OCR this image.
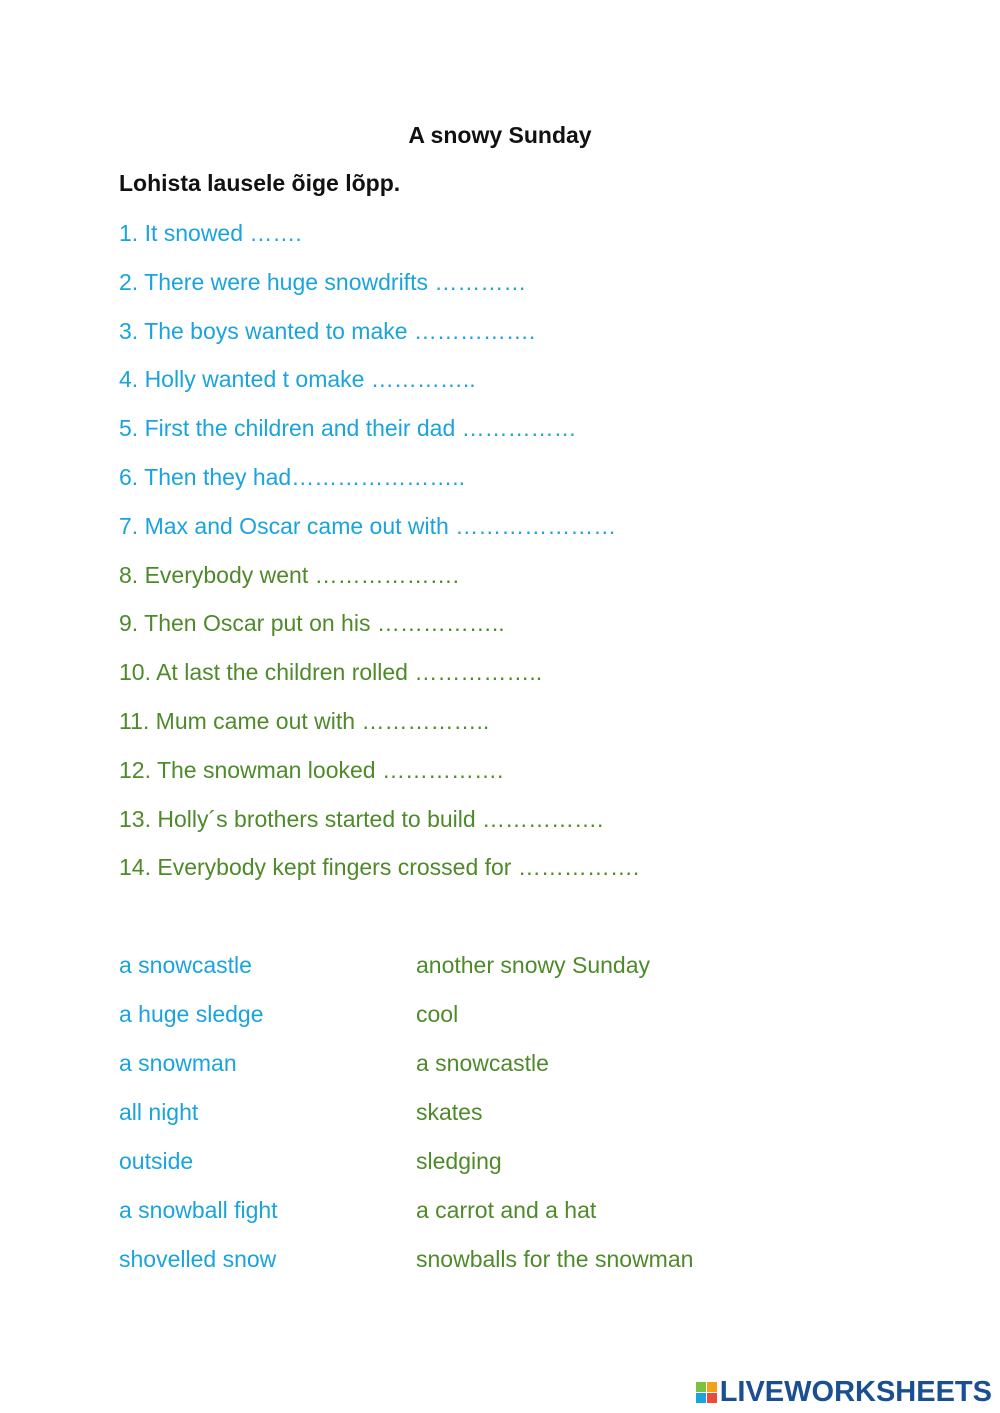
A snowy Sunday
Lohista lausele õige lõpp.
1. It snowed …….
2. There were huge snowdrifts …………
3. The boys wanted to make …………….
4. Holly wanted t omake …………..
5. First the children and their dad ……………
6. Then they had…………………..
7. Max and Oscar came out with …………………
8. Everybody went ……………….
9. Then Oscar put on his ……………..
10. At last the children rolled ……………..
11. Mum came out with ……………..
12. The snowman looked …………….
13. Holly´s brothers started to build …………….
14. Everybody kept fingers crossed for …………….
a snowcastle	another snowy Sunday
a huge sledge	cool
a snowman	a snowcastle
all night	skates
outside	sledging
a snowball fight	a carrot and a hat
shovelled snow	snowballs for the snowman
LIVEWORKSHEETS
